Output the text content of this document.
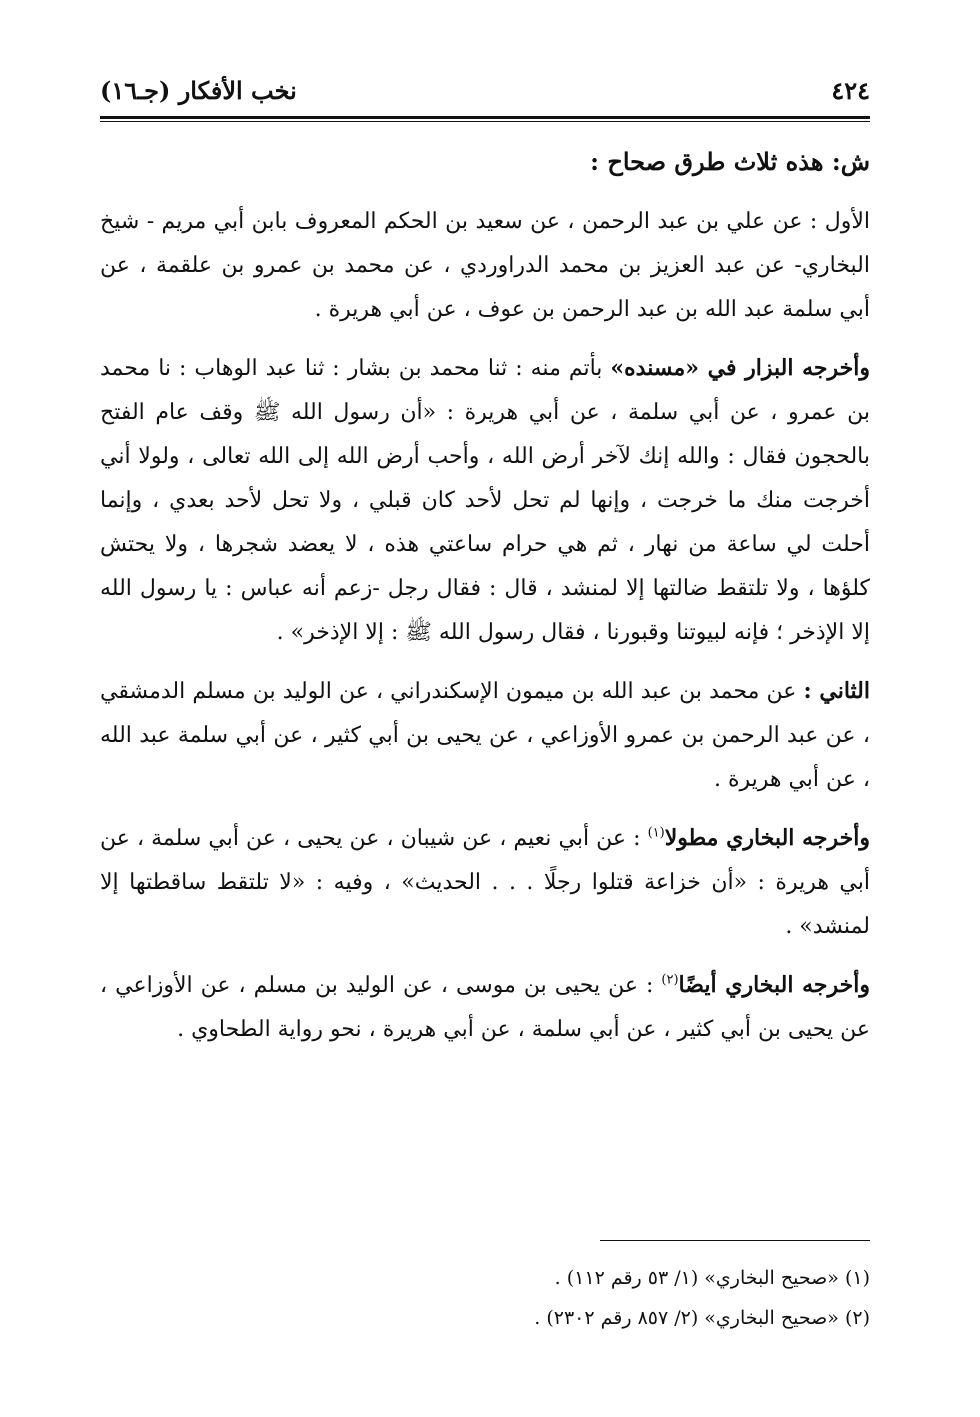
٤٢٤
نخب الأفكار (جـ١٦)

ش: هذه ثلاث طرق صحاح :

الأول : عن علي بن عبد الرحمن ، عن سعيد بن الحكم المعروف بابن أبي مريم - شيخ البخاري- عن عبد العزيز بن محمد الدراوردي ، عن محمد بن عمرو بن علقمة ، عن أبي سلمة عبد الله بن عبد الرحمن بن عوف ، عن أبي هريرة .

وأخرجه البزار في «مسنده» بأتم منه : ثنا محمد بن بشار : ثنا عبد الوهاب : نا محمد بن عمرو ، عن أبي سلمة ، عن أبي هريرة : «أن رسول الله ﷺ وقف عام الفتح بالحجون فقال : والله إنك لآخر أرض الله ، وأحب أرض الله إلى الله تعالى ، ولولا أني أخرجت منك ما خرجت ، وإنها لم تحل لأحد كان قبلي ، ولا تحل لأحد بعدي ، وإنما أحلت لي ساعة من نهار ، ثم هي حرام ساعتي هذه ، لا يعضد شجرها ، ولا يحتش كلؤها ، ولا تلتقط ضالتها إلا لمنشد ، قال : فقال رجل -زعم أنه عباس : يا رسول الله إلا الإذخر ؛ فإنه لبيوتنا وقبورنا ، فقال رسول الله ﷺ : إلا الإذخر» .

الثاني : عن محمد بن عبد الله بن ميمون الإسكندراني ، عن الوليد بن مسلم الدمشقي ، عن عبد الرحمن بن عمرو الأوزاعي ، عن يحيى بن أبي كثير ، عن أبي سلمة عبد الله ، عن أبي هريرة .

وأخرجه البخاري مطولا$^{(١)}$ : عن أبي نعيم ، عن شيبان ، عن يحيى ، عن أبي سلمة ، عن أبي هريرة : «أن خزاعة قتلوا رجلًا . . . الحديث» ، وفيه : «لا تلتقط ساقطتها إلا لمنشد» .

وأخرجه البخاري أيضًا$^{(٢)}$ : عن يحيى بن موسى ، عن الوليد بن مسلم ، عن الأوزاعي ، عن يحيى بن أبي كثير ، عن أبي سلمة ، عن أبي هريرة ، نحو رواية الطحاوي .

(١) «صحيح البخاري» (١/ ٥٣ رقم ١١٢) .
(٢) «صحيح البخاري» (٢/ ٨٥٧ رقم ٢٣٠٢) .
